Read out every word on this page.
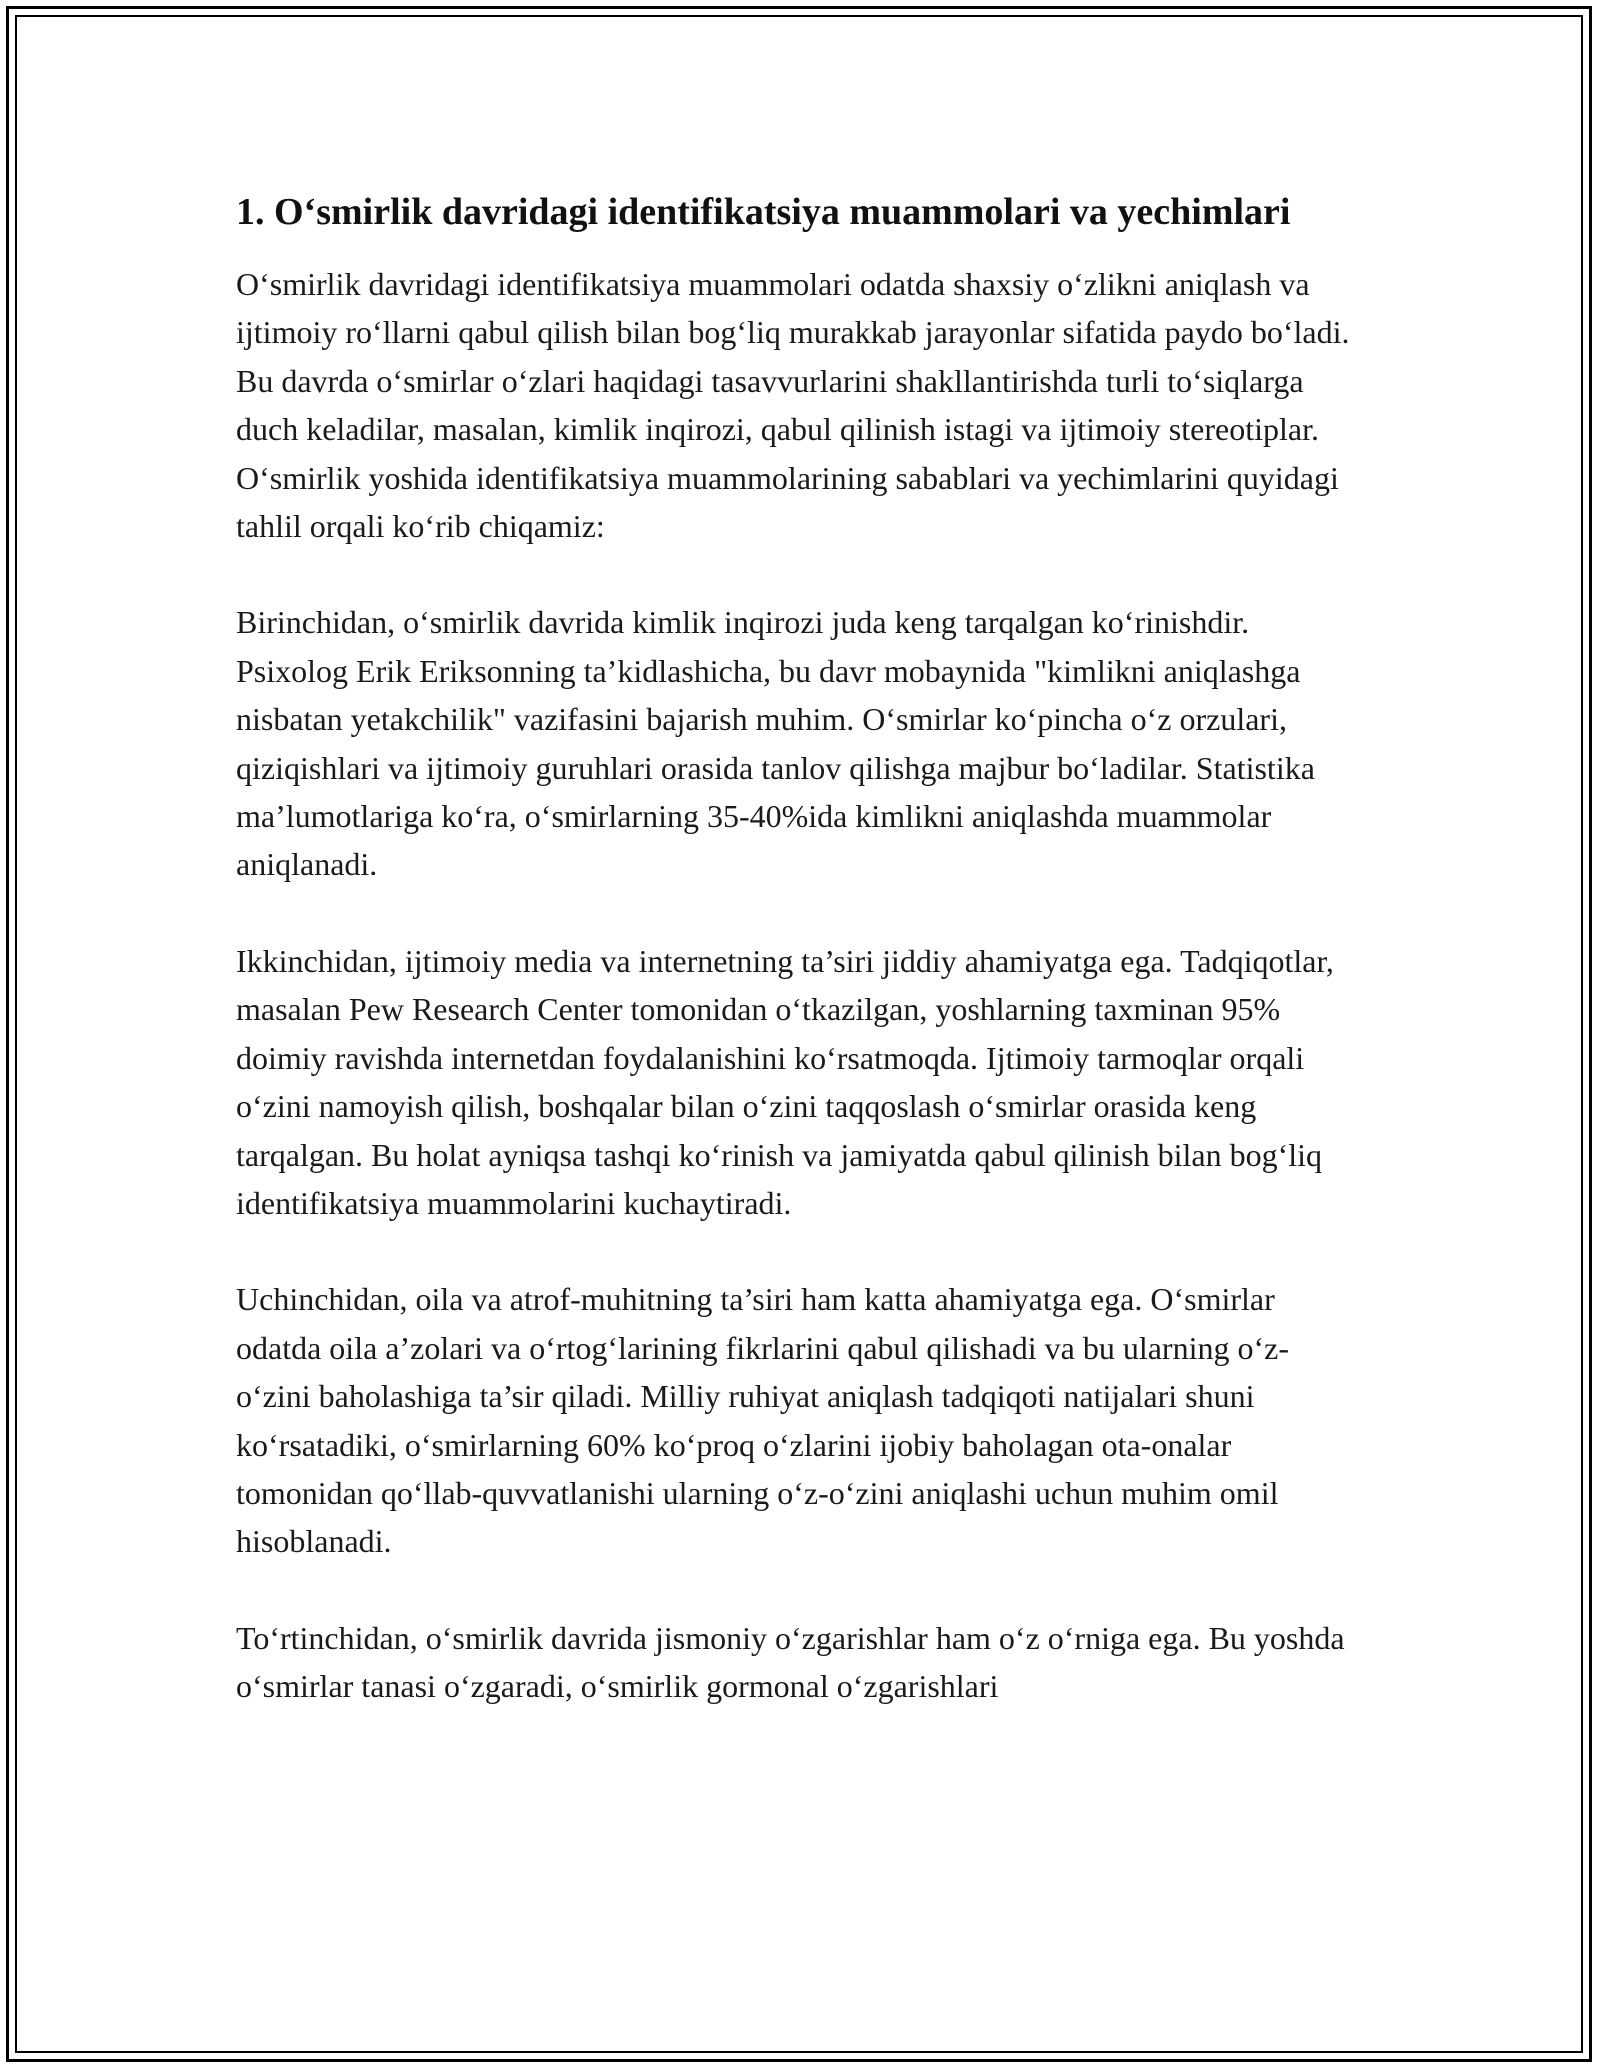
1. O‘smirlik davridagi identifikatsiya muammolari va yechimlari

O‘smirlik davridagi identifikatsiya muammolari odatda shaxsiy o‘zlikni aniqlash va ijtimoiy ro‘llarni qabul qilish bilan bog‘liq murakkab jarayonlar sifatida paydo bo‘ladi. Bu davrda o‘smirlar o‘zlari haqidagi tasavvurlarini shakllantirishda turli to‘siqlarga duch keladilar, masalan, kimlik inqirozi, qabul qilinish istagi va ijtimoiy stereotiplar. O‘smirlik yoshida identifikatsiya muammolarining sabablari va yechimlarini quyidagi tahlil orqali ko‘rib chiqamiz:

Birinchidan, o‘smirlik davrida kimlik inqirozi juda keng tarqalgan ko‘rinishdir. Psixolog Erik Eriksonning ta’kidlashicha, bu davr mobaynida "kimlikni aniqlashga nisbatan yetakchilik" vazifasini bajarish muhim. O‘smirlar ko‘pincha o‘z orzulari, qiziqishlari va ijtimoiy guruhlari orasida tanlov qilishga majbur bo‘ladilar. Statistika ma’lumotlariga ko‘ra, o‘smirlarning 35-40%ida kimlikni aniqlashda muammolar aniqlanadi.

Ikkinchidan, ijtimoiy media va internetning ta’siri jiddiy ahamiyatga ega. Tadqiqotlar, masalan Pew Research Center tomonidan o‘tkazilgan, yoshlarning taxminan 95% doimiy ravishda internetdan foydalanishini ko‘rsatmoqda. Ijtimoiy tarmoqlar orqali o‘zini namoyish qilish, boshqalar bilan o‘zini taqqoslash o‘smirlar orasida keng tarqalgan. Bu holat ayniqsa tashqi ko‘rinish va jamiyatda qabul qilinish bilan bog‘liq identifikatsiya muammolarini kuchaytiradi.

Uchinchidan, oila va atrof-muhitning ta’siri ham katta ahamiyatga ega. O‘smirlar odatda oila a’zolari va o‘rtog‘larining fikrlarini qabul qilishadi va bu ularning o‘z-o‘zini baholashiga ta’sir qiladi. Milliy ruhiyat aniqlash tadqiqoti natijalari shuni ko‘rsatadiki, o‘smirlarning 60% ko‘proq o‘zlarini ijobiy baholagan ota-onalar tomonidan qo‘llab-quvvatlanishi ularning o‘z-o‘zini aniqlashi uchun muhim omil hisoblanadi.

To‘rtinchidan, o‘smirlik davrida jismoniy o‘zgarishlar ham o‘z o‘rniga ega. Bu yoshda o‘smirlar tanasi o‘zgaradi, o‘smirlik gormonal o‘zgarishlari
